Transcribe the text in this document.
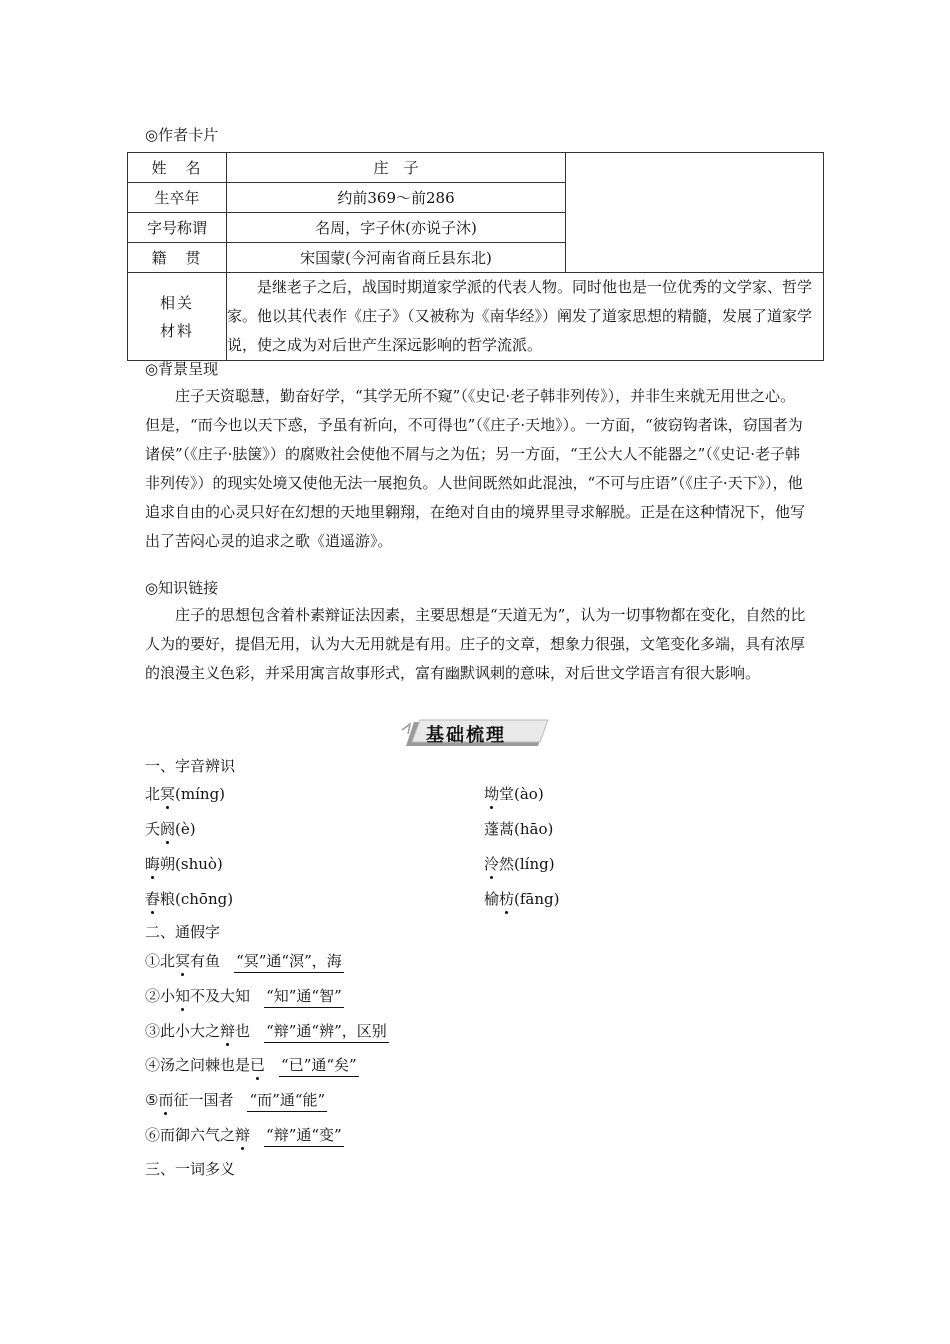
◎作者卡片
姓　名	庄　子	
生卒年	约前369～前286	
字号称谓	名周，字子休(亦说子沐)	
籍　贯	宋国蒙(今河南省商丘县东北)	

相关
材料	是继老子之后，战国时期道家学派的代表人物。同时他也是一位优秀的文学家、哲学家。他以其代表作《庄子》（又被称为《南华经》）阐发了道家思想的精髓，发展了道家学说，使之成为对后世产生深远影响的哲学流派。	
◎背景呈现

庄子天资聪慧，勤奋好学，“其学无所不窥”（《史记·老子韩非列传》），并非生来就无用世之心。但是，“而今也以天下惑，予虽有祈向，不可得也”（《庄子·天地》）。一方面，“彼窃钩者诛，窃国者为诸侯”（《庄子·胠箧》）的腐败社会使他不屑与之为伍；另一方面，“王公大人不能器之”（《史记·老子韩非列传》）的现实处境又使他无法一展抱负。人世间既然如此混浊，“不可与庄语”（《庄子·天下》），他追求自由的心灵只好在幻想的天地里翱翔，在绝对自由的境界里寻求解脱。正是在这种情况下，他写出了苦闷心灵的追求之歌《逍遥游》。

◎知识链接

庄子的思想包含着朴素辩证法因素，主要思想是“天道无为”，认为一切事物都在变化，自然的比人为的要好，提倡无用，认为大无用就是有用。庄子的文章，想象力很强，文笔变化多端，具有浓厚的浪漫主义色彩，并采用寓言故事形式，富有幽默讽刺的意味，对后世文学语言有很大影响。

基础梳理
一、字音辨识
北冥(míng)	坳堂(ào)
夭阏(è)	蓬蒿(hāo)
晦朔(shuò)	泠然(líng)
舂粮(chōng)	榆枋(fāng)
二、通假字
①北冥有鱼 “冥”通“溟”，海
②小知不及大知 “知”通“智”
③此小大之辩也 “辩”通“辨”，区别
④汤之问棘也是已 “已”通“矣”
⑤而征一国者 “而”通“能”
⑥而御六气之辩 “辩”通“变”
三、一词多义
